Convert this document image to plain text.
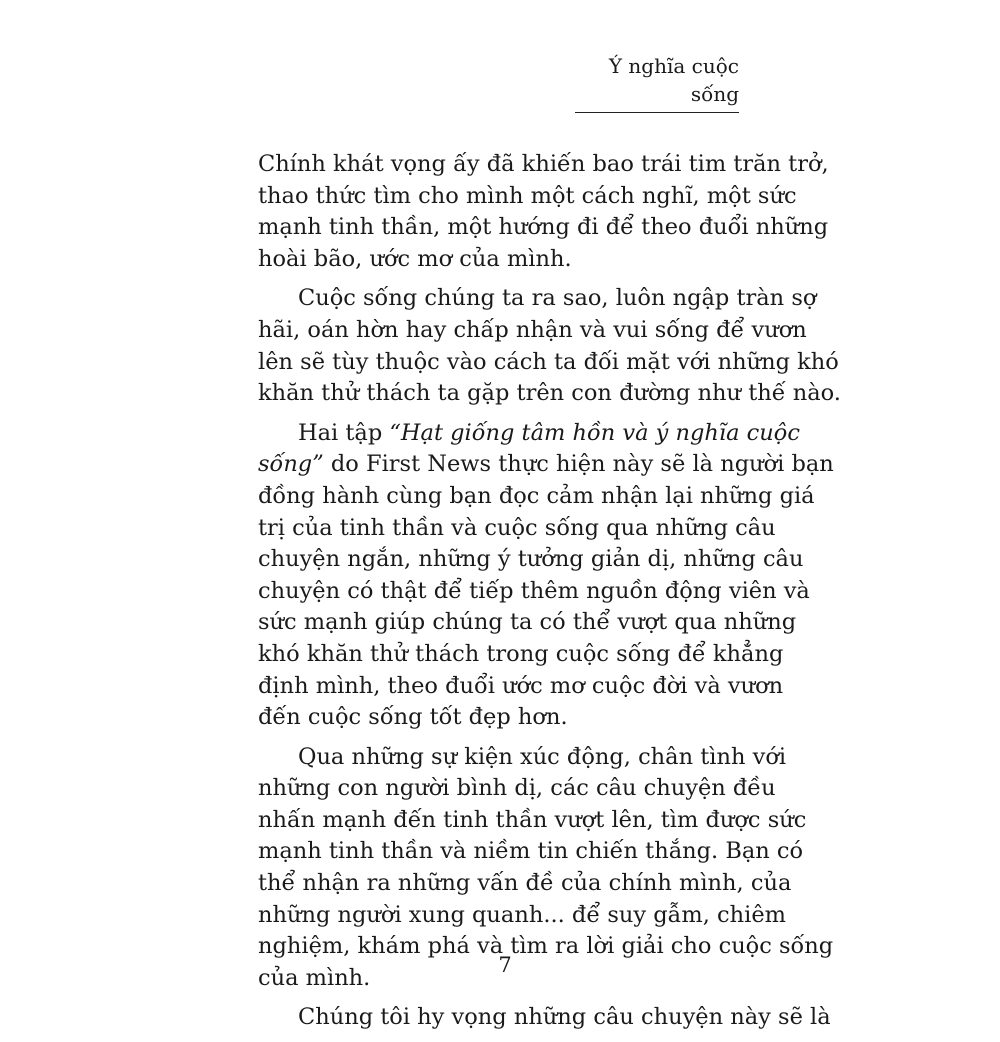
Ý nghĩa cuộc sống

Chính khát vọng ấy đã khiến bao trái tim trăn trở,
thao thức tìm cho mình một cách nghĩ, một sức
mạnh tinh thần, một hướng đi để theo đuổi những
hoài bão, ước mơ của mình.

Cuộc sống chúng ta ra sao, luôn ngập tràn sợ
hãi, oán hờn hay chấp nhận và vui sống để vươn
lên sẽ tùy thuộc vào cách ta đối mặt với những khó
khăn thử thách ta gặp trên con đường như thế nào.

Hai tập “Hạt giống tâm hồn và ý nghĩa cuộc
sống” do First News thực hiện này sẽ là người bạn
đồng hành cùng bạn đọc cảm nhận lại những giá
trị của tinh thần và cuộc sống qua những câu
chuyện ngắn, những ý tưởng giản dị, những câu
chuyện có thật để tiếp thêm nguồn động viên và
sức mạnh giúp chúng ta có thể vượt qua những
khó khăn thử thách trong cuộc sống để khẳng
định mình, theo đuổi ước mơ cuộc đời và vươn
đến cuộc sống tốt đẹp hơn.

Qua những sự kiện xúc động, chân tình với
những con người bình dị, các câu chuyện đều
nhấn mạnh đến tinh thần vượt lên, tìm được sức
mạnh tinh thần và niềm tin chiến thắng. Bạn có
thể nhận ra những vấn đề của chính mình, của
những người xung quanh... để suy gẫm, chiêm
nghiệm, khám phá và tìm ra lời giải cho cuộc sống
của mình.

Chúng tôi hy vọng những câu chuyện này sẽ là

7
